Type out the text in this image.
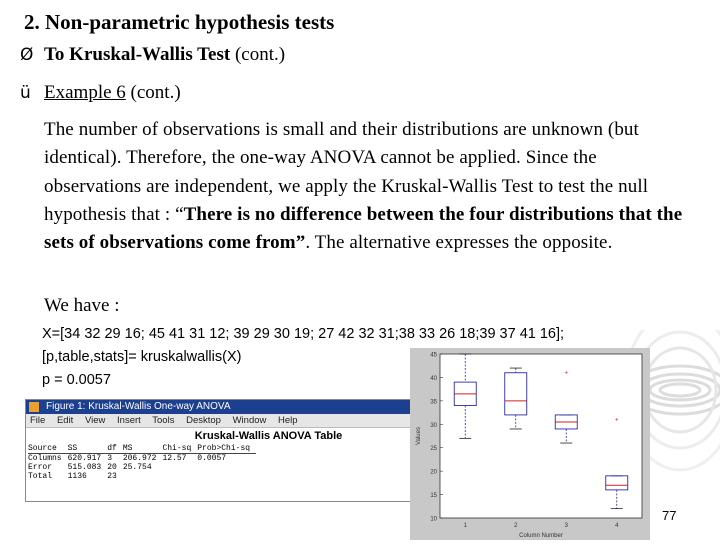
2. Non-parametric hypothesis tests
Ø To Kruskal-Wallis Test (cont.)
ü Example 6 (cont.)
The number of observations is small and their distributions are unknown (but identical). Therefore, the one-way ANOVA cannot be applied. Since the observations are independent, we apply the Kruskal-Wallis Test to test the null hypothesis that : “There is no difference between the four distributions that the sets of observations come from”. The alternative expresses the opposite.
We have :
X=[34 32 29 16; 45 41 31 12; 39 29 30 19; 27 42 32 31;38 33 26 18;39 37 41 16];
[p,table,stats]= kruskalwallis(X)
p = 0.0057
Figure 1: Kruskal-Wallis One-way ANOVA
File Edit View Insert Tools Desktop Window Help
Kruskal-Wallis ANOVA Table
Source	SS	df	MS	Chi-sq	Prob>Chi-sq
Columns	620.917	3	206.972	12.57	0.0057
Error	515.083	20	25.754		
Total	1136	23			
10
15
20
25
30
35
40
45
1	2	3	4
Column Number
Values
+
+
77
